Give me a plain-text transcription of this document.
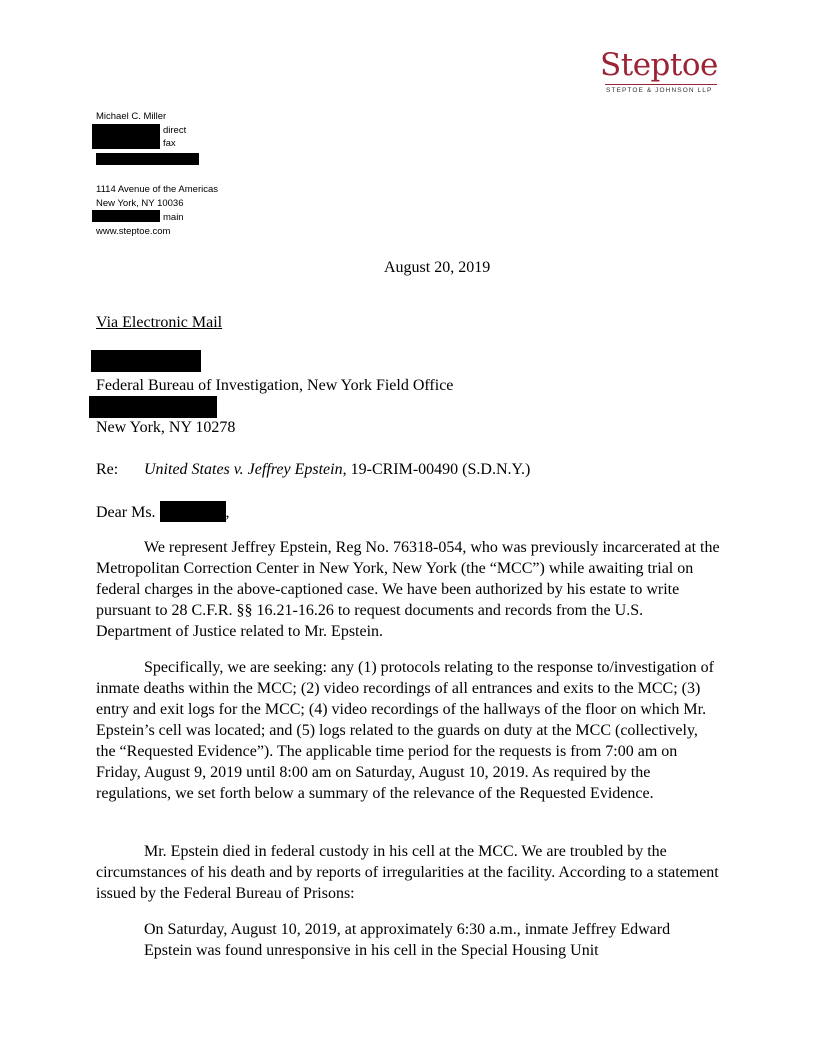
Steptoe
STEPTOE & JOHNSON LLP
Michael C. Miller
direct
fax
1114 Avenue of the Americas
New York, NY 10036
main
www.steptoe.com
August 20, 2019
Via Electronic Mail
Federal Bureau of Investigation, New York Field Office
New York, NY 10278
Re: United States v. Jeffrey Epstein, 19-CRIM-00490 (S.D.N.Y.)
Dear Ms.	,

We represent Jeffrey Epstein, Reg No. 76318-054, who was previously incarcerated at the Metropolitan Correction Center in New York, New York (the “MCC”) while awaiting trial on federal charges in the above-captioned case. We have been authorized by his estate to write pursuant to 28 C.F.R. §§ 16.21-16.26 to request documents and records from the U.S. Department of Justice related to Mr. Epstein.

Specifically, we are seeking: any (1) protocols relating to the response to/investigation of inmate deaths within the MCC; (2) video recordings of all entrances and exits to the MCC; (3) entry and exit logs for the MCC; (4) video recordings of the hallways of the floor on which Mr. Epstein’s cell was located; and (5) logs related to the guards on duty at the MCC (collectively, the “Requested Evidence”). The applicable time period for the requests is from 7:00 am on Friday, August 9, 2019 until 8:00 am on Saturday, August 10, 2019. As required by the regulations, we set forth below a summary of the relevance of the Requested Evidence.

Mr. Epstein died in federal custody in his cell at the MCC. We are troubled by the circumstances of his death and by reports of irregularities at the facility. According to a statement issued by the Federal Bureau of Prisons:

On Saturday, August 10, 2019, at approximately 6:30 a.m., inmate Jeffrey Edward Epstein was found unresponsive in his cell in the Special Housing Unit
